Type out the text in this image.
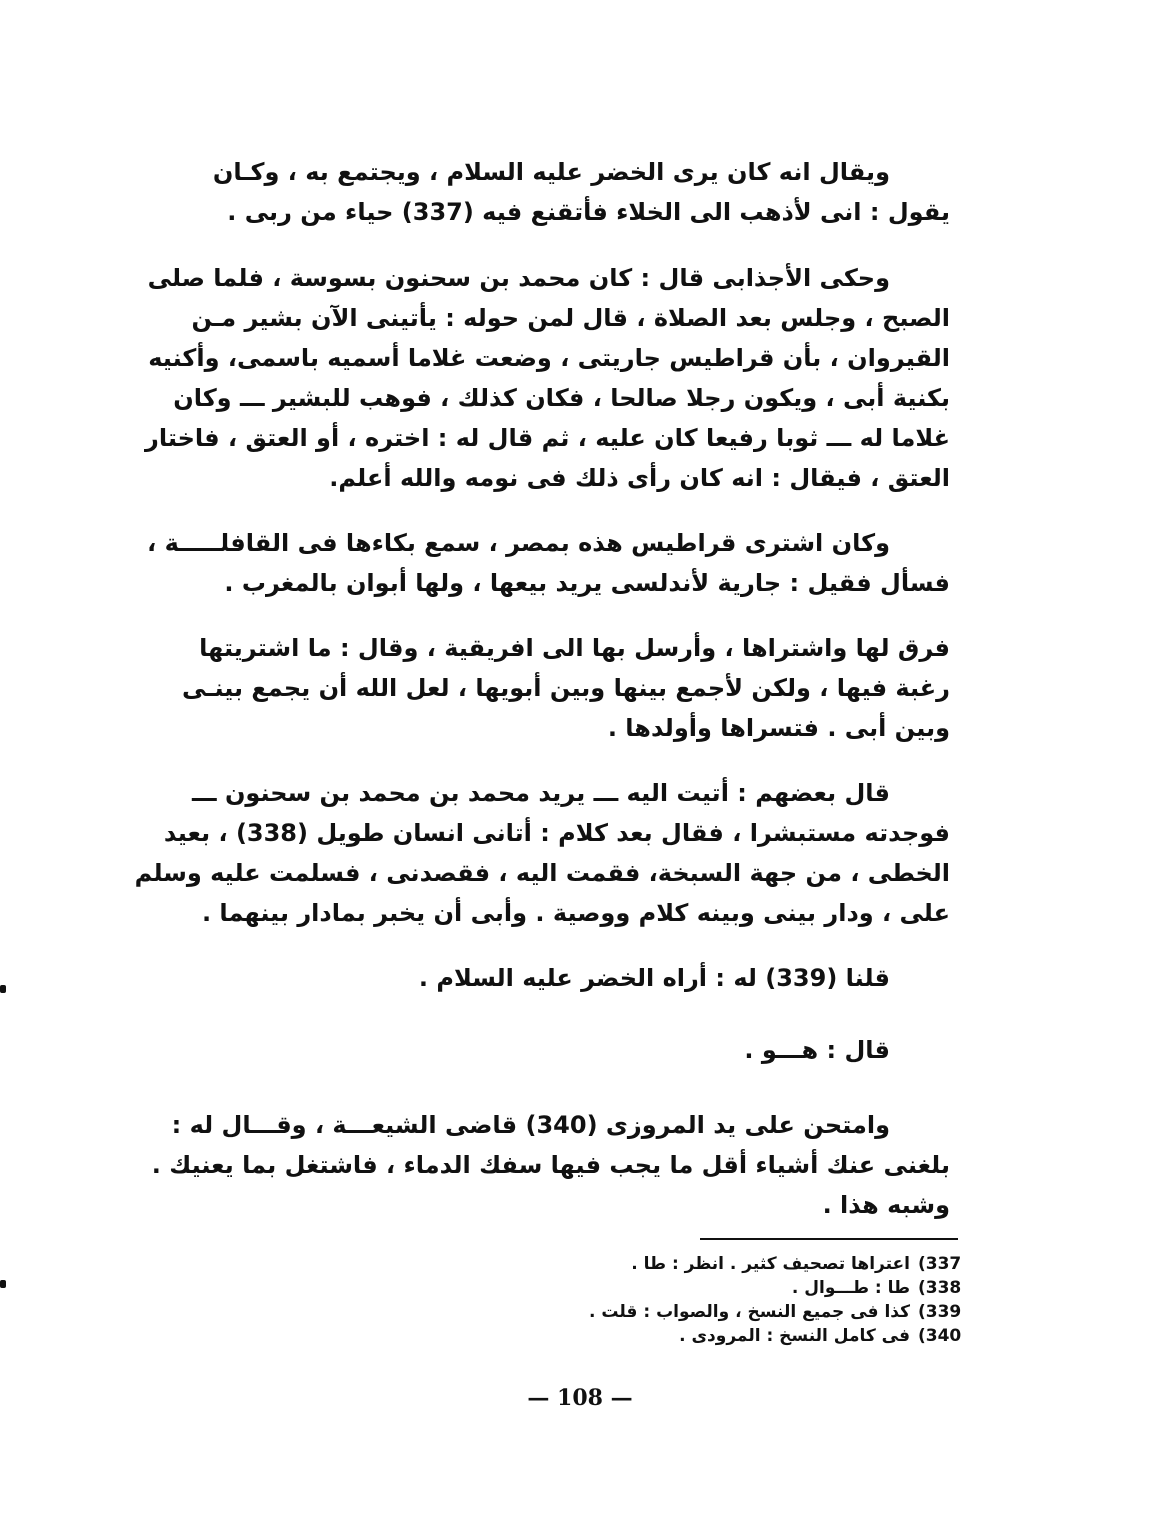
ويقال انه كان يرى الخضر عليه السلام ، ويجتمع به ، وكـان
يقول : انى لأذهب الى الخلاء فأتقنع فيه (337) حياء من ربى .
وحكى الأجذابى قال : كان محمد بن سحنون بسوسة ، فلما صلى
الصبح ، وجلس بعد الصلاة ، قال لمن حوله : يأتينى الآن بشير مـن
القيروان ، بأن قراطيس جاريتى ، وضعت غلاما أسميه باسمى، وأكنيه
بكنية أبى ، ويكون رجلا صالحا ، فكان كذلك ، فوهب للبشير ـــ وكان
غلاما له ـــ ثوبا رفيعا كان عليه ، ثم قال له : اختره ، أو العتق ، فاختار
العتق ، فيقال : انه كان رأى ذلك فى نومه والله أعلم.
وكان اشترى قراطيس هذه بمصر ، سمع بكاءها فى القافلـــــة ،
فسأل فقيل : جارية لأندلسى يريد بيعها ، ولها أبوان بالمغرب .
فرق لها واشتراها ، وأرسل بها الى افريقية ، وقال : ما اشتريتها
رغبة فيها ، ولكن لأجمع بينها وبين أبويها ، لعل الله أن يجمع بينـى
وبين أبى . فتسراها وأولدها .
قال بعضهم : أتيت اليه ـــ يريد محمد بن محمد بن سحنون ـــ
فوجدته مستبشرا ، فقال بعد كلام : أتانى انسان طويل (338) ، بعيد
الخطى ، من جهة السبخة، فقمت اليه ، فقصدنى ، فسلمت عليه وسلم
على ، ودار بينى وبينه كلام ووصية . وأبى أن يخبر بمادار بينهما .
قلنا (339) له : أراه الخضر عليه السلام .
قال : هـــو .
وامتحن على يد المروزى (340) قاضى الشيعـــة ، وقـــال له :
بلغنى عنك أشياء أقل ما يجب فيها سفك الدماء ، فاشتغل بما يعنيك .
وشبه هذا .
(337
اعتراها تصحيف كثير . انظر : طا .
(338
طا : طـــوال .
(339
كذا فى جميع النسخ ، والصواب : قلت .
(340
فى كامل النسخ : المرودى .
— 108 —
